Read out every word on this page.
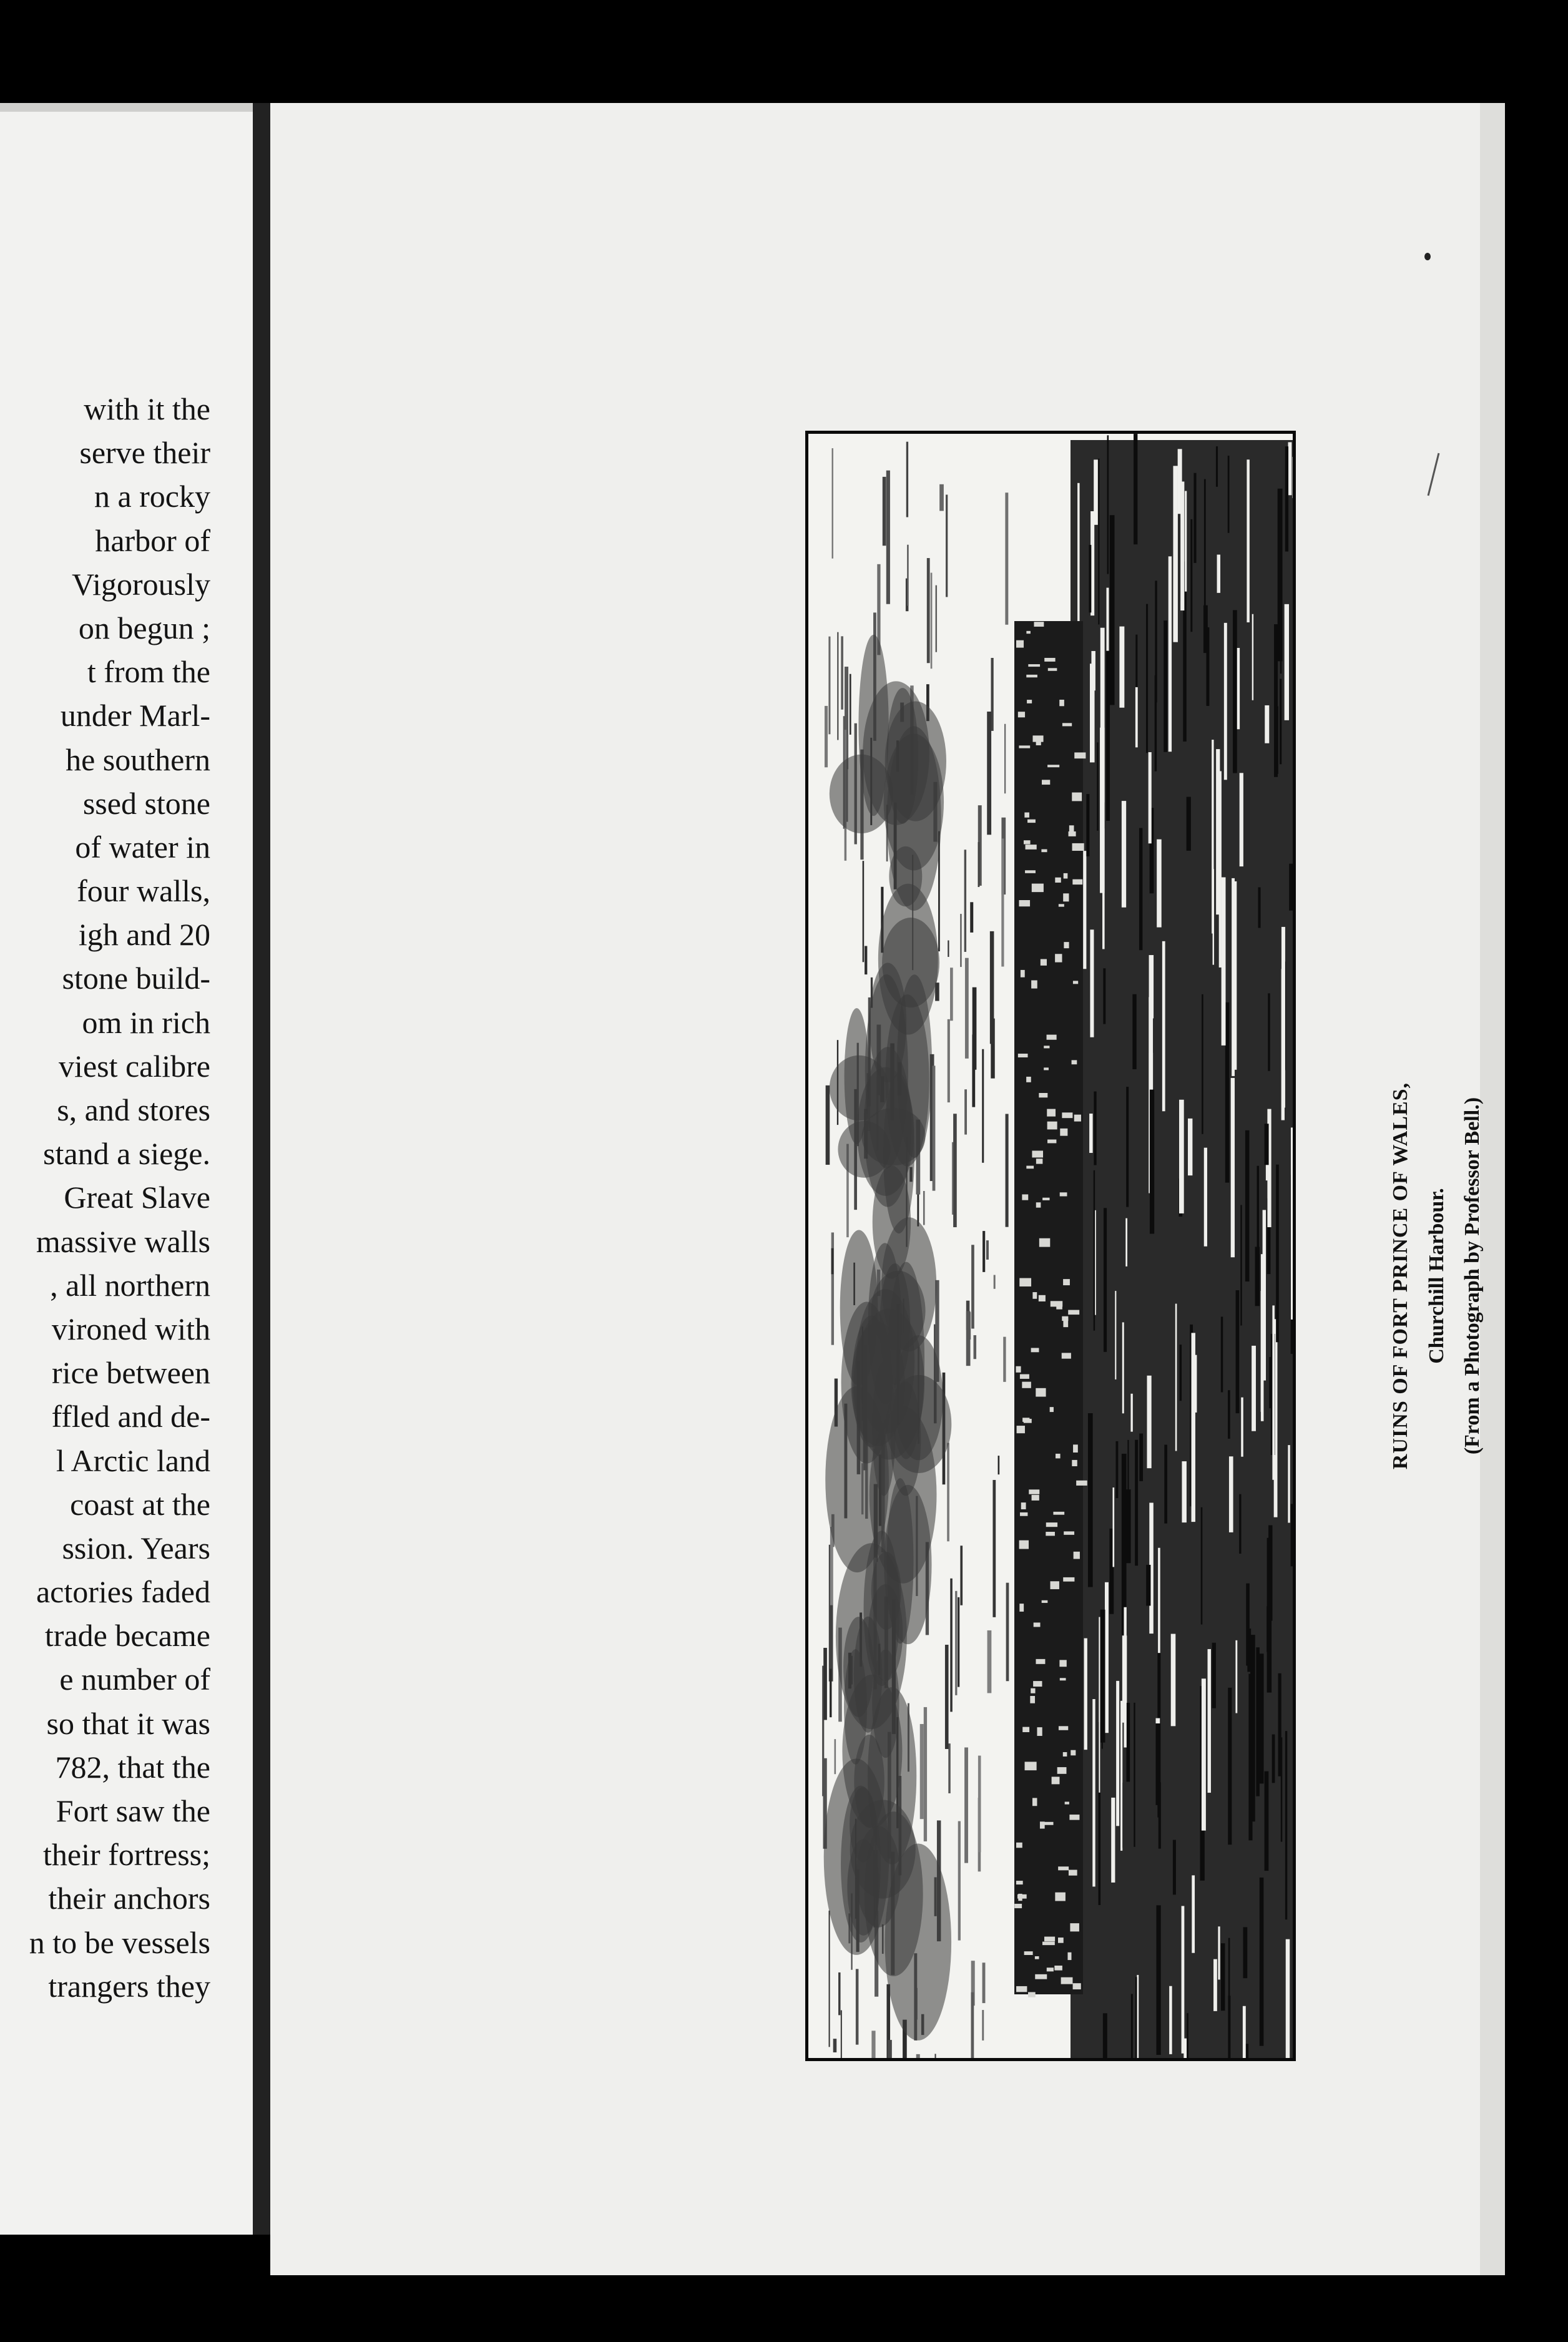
with it the
serve their
n a rocky
harbor of
Vigorously
on begun ;
t from the
under Marl-
he southern
ssed stone
of water in
four walls,
igh and 20
stone build-
om in rich
viest calibre
s, and stores
stand a siege.
Great Slave
massive walls
, all northern
vironed with
rice between
ffled and de-
l Arctic land
coast at the
ssion. Years
actories faded
trade became
e number of
so that it was
782, that the
Fort saw the
their fortress;
their anchors
n to be vessels
trangers they
RUINS OF FORT PRINCE OF WALES, Churchill Harbour. (From a Photograph by Professor Bell.)
